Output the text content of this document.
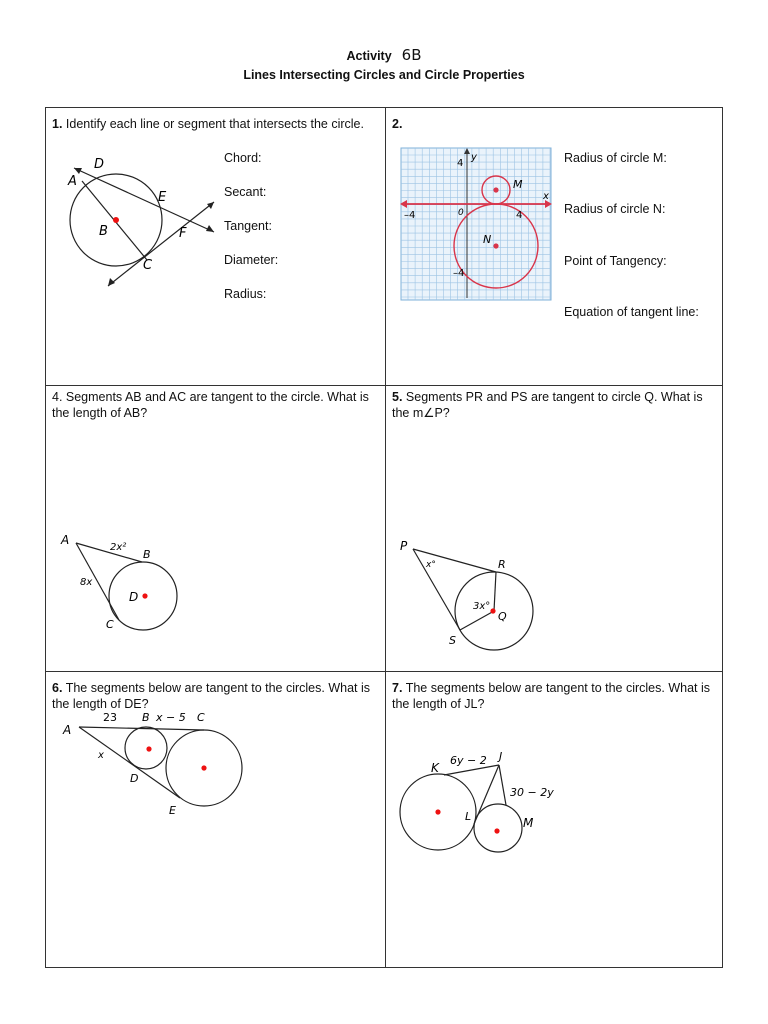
Activity 6B
Lines Intersecting Circles and Circle Properties
1. Identify each line or segment that intersects the circle.
D
A
E
B	F
C
Chord:
Secant:
Tangent:
Diameter:
Radius:
2.
4
–4
–4	4
0
x
y
M
N
Radius of circle M:
Radius of circle N:
Point of Tangency:
Equation of tangent line:
4. Segments AB and AC are tangent to the circle. What is the length of AB?
A
2x²
B
8x
D
C
5. Segments PR and PS are tangent to circle Q. What is the m∠P?
P
x°	R
3x°
Q
S
6. The segments below are tangent to the circles. What is the length of DE?
A
23 B x − 5 C
x
D
E
7. The segments below are tangent to the circles. What is the length of JL?
K
6y − 2 J
30 − 2y
L	M
